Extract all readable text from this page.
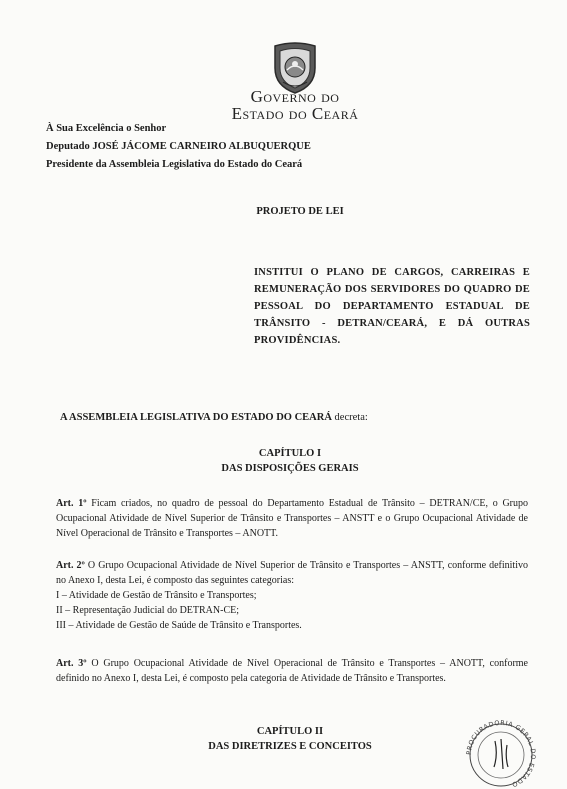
Governo do
Estado do Ceará
À Sua Excelência o Senhor
Deputado JOSÉ JÁCOME CARNEIRO ALBUQUERQUE
Presidente da Assembleia Legislativa do Estado do Ceará
PROJETO DE LEI
INSTITUI O PLANO DE CARGOS, CARREIRAS E REMUNERAÇÃO DOS SERVIDORES DO QUADRO DE PESSOAL DO DEPARTAMENTO ESTADUAL DE TRÂNSITO - DETRAN/CEARÁ, E DÁ OUTRAS PROVIDÊNCIAS.
A ASSEMBLEIA LEGISLATIVA DO ESTADO DO CEARÁ decreta:
CAPÍTULO I
DAS DISPOSIÇÕES GERAIS
Art. 1º Ficam criados, no quadro de pessoal do Departamento Estadual de Trânsito – DETRAN/CE, o Grupo Ocupacional Atividade de Nível Superior de Trânsito e Transportes – ANSTT e o Grupo Ocupacional Atividade de Nível Operacional de Trânsito e Transportes – ANOTT.
Art. 2º O Grupo Ocupacional Atividade de Nível Superior de Trânsito e Transportes – ANSTT, conforme definitivo no Anexo I, desta Lei, é composto das seguintes categorias:
I – Atividade de Gestão de Trânsito e Transportes;
II – Representação Judicial do DETRAN-CE;
III – Atividade de Gestão de Saúde de Trânsito e Transportes.
Art. 3º O Grupo Ocupacional Atividade de Nível Operacional de Trânsito e Transportes – ANOTT, conforme definido no Anexo I, desta Lei, é composto pela categoria de Atividade de Trânsito e Transportes.
CAPÍTULO II
DAS DIRETRIZES E CONCEITOS
PROCURADORIA GERAL DO ESTADO
